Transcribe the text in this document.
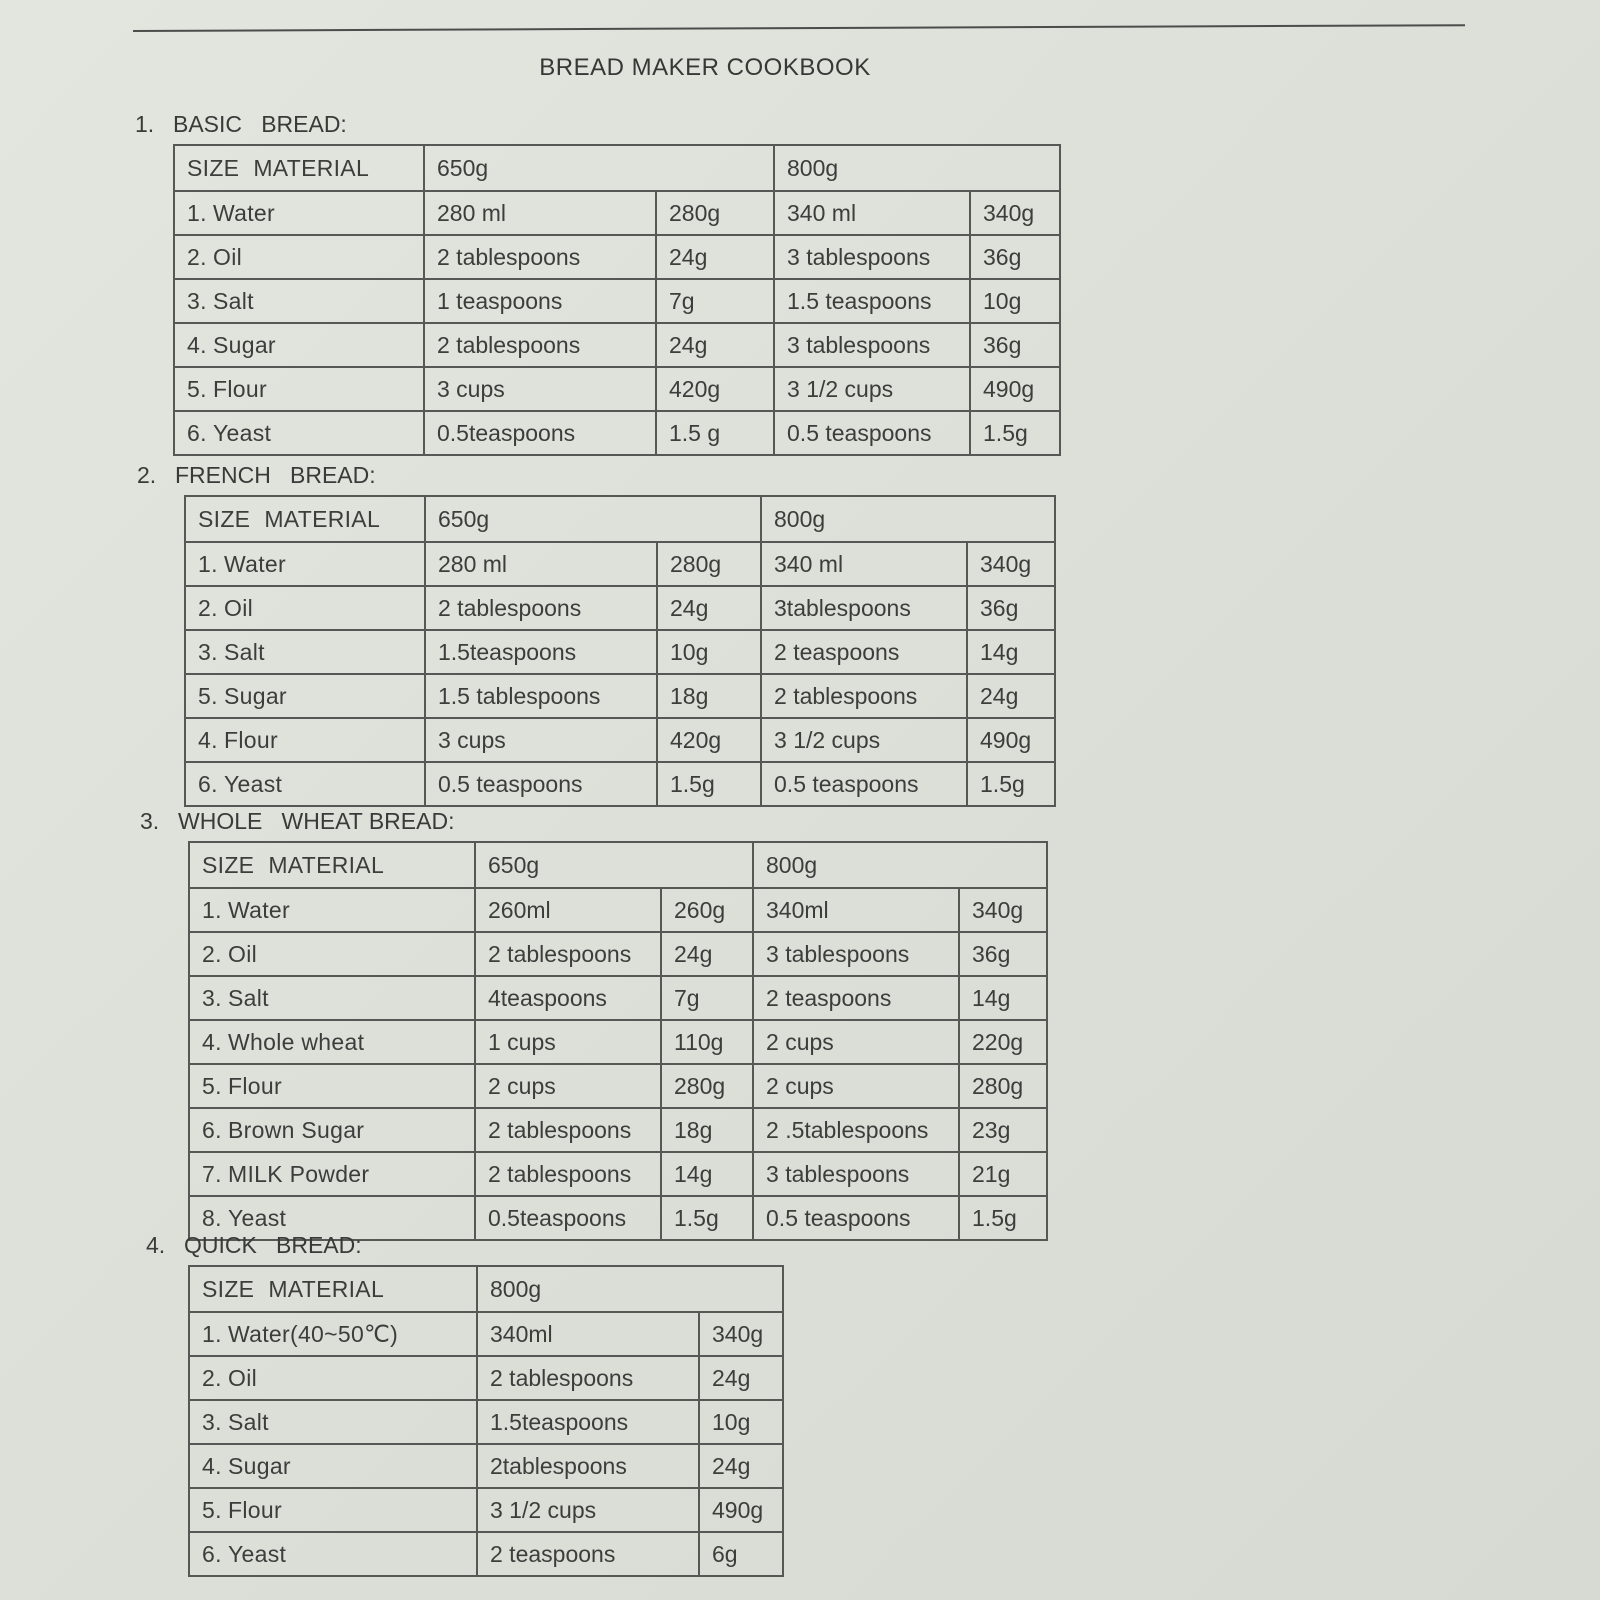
BREAD MAKER COOKBOOK
1. BASIC   BREAD:
SIZE MATERIAL	650g		800g	
1. Water	280 ml	280g	340 ml	340g
2. Oil	2 tablespoons	24g	3 tablespoons	36g
3. Salt	1 teaspoons	7g	1.5 teaspoons	10g
4. Sugar	2 tablespoons	24g	3 tablespoons	36g
5. Flour	3 cups	420g	3 1/2 cups	490g
6. Yeast	0.5teaspoons	1.5 g	0.5 teaspoons	1.5g
2. FRENCH   BREAD:
SIZE MATERIAL	650g		800g	
1. Water	280 ml	280g	340 ml	340g
2. Oil	2 tablespoons	24g	3tablespoons	36g
3. Salt	1.5teaspoons	10g	2 teaspoons	14g
5. Sugar	1.5 tablespoons	18g	2 tablespoons	24g
4. Flour	3 cups	420g	3 1/2 cups	490g
6. Yeast	0.5 teaspoons	1.5g	0.5 teaspoons	1.5g
3. WHOLE   WHEAT BREAD:
SIZE MATERIAL	650g		800g	
1. Water	260ml	260g	340ml	340g
2. Oil	2 tablespoons	24g	3 tablespoons	36g
3. Salt	4teaspoons	7g	2 teaspoons	14g
4. Whole wheat	1 cups	110g	2 cups	220g
5. Flour	2 cups	280g	2 cups	280g
6. Brown Sugar	2 tablespoons	18g	2 .5tablespoons	23g
7. MILK Powder	2 tablespoons	14g	3 tablespoons	21g
8. Yeast	0.5teaspoons	1.5g	0.5 teaspoons	1.5g
4. QUICK   BREAD:
SIZE MATERIAL	800g	
1. Water(40~50℃)	340ml	340g
2. Oil	2 tablespoons	24g
3. Salt	1.5teaspoons	10g
4. Sugar	2tablespoons	24g
5. Flour	3 1/2 cups	490g
6. Yeast	2 teaspoons	6g
